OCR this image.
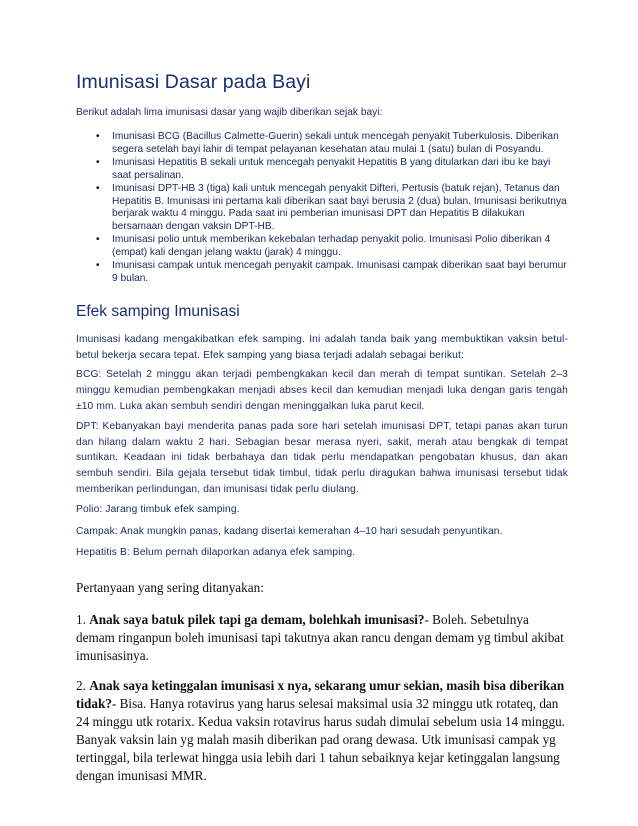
Imunisasi Dasar pada Bayi
Berikut adalah lima imunisasi dasar yang wajib diberikan sejak bayi:
• Imunisasi BCG (Bacillus Calmette-Guerin) sekali untuk mencegah penyakit Tuberkulosis. Diberikan segera setelah bayi lahir di tempat pelayanan kesehatan atau mulai 1 (satu) bulan di Posyandu.
• Imunisasi Hepatitis B sekali untuk mencegah penyakit Hepatitis B yang ditularkan dari ibu ke bayi saat persalinan.
• Imunisasi DPT-HB 3 (tiga) kali untuk mencegah penyakit Difteri, Pertusis (batuk rejan), Tetanus dan Hepatitis B. Imunisasi ini pertama kali diberikan saat bayi berusia 2 (dua) bulan. Imunisasi berikutnya berjarak waktu 4 minggu. Pada saat ini pemberian imunisasi DPT dan Hepatitis B dilakukan bersamaan dengan vaksin DPT-HB.
• Imunisasi polio untuk memberikan kekebalan terhadap penyakit polio. Imunisasi Polio diberikan 4 (empat) kali dengan jelang waktu (jarak) 4 minggu.
• Imunisasi campak untuk mencegah penyakit campak. Imunisasi campak diberikan saat bayi berumur 9 bulan.
Efek samping Imunisasi

Imunisasi kadang mengakibatkan efek samping. Ini adalah tanda baik yang membuktikan vaksin betul-betul bekerja secara tepat. Efek samping yang biasa terjadi adalah sebagai berikut:

BCG: Setelah 2 minggu akan terjadi pembengkakan kecil dan merah di tempat suntikan. Setelah 2–3 minggu kemudian pembengkakan menjadi abses kecil dan kemudian menjadi luka dengan garis tengah ±10 mm. Luka akan sembuh sendiri dengan meninggalkan luka parut kecil.

DPT: Kebanyakan bayi menderita panas pada sore hari setelah imunisasi DPT, tetapi panas akan turun dan hilang dalam waktu 2 hari. Sebagian besar merasa nyeri, sakit, merah atau bengkak di tempat suntikan. Keadaan ini tidak berbahaya dan tidak perlu mendapatkan pengobatan khusus, dan akan sembuh sendiri. Bila gejala tersebut tidak timbul, tidak perlu diragukan bahwa imunisasi tersebut tidak memberikan perlindungan, dan imunisasi tidak perlu diulang.

Polio: Jarang timbuk efek samping.

Campak: Anak mungkin panas, kadang disertai kemerahan 4–10 hari sesudah penyuntikan.

Hepatitis B: Belum pernah dilaporkan adanya efek samping.

Pertanyaan yang sering ditanyakan:

1. Anak saya batuk pilek tapi ga demam, bolehkah imunisasi?- Boleh. Sebetulnya demam ringanpun boleh imunisasi tapi takutnya akan rancu dengan demam yg timbul akibat imunisasinya.

2. Anak saya ketinggalan imunisasi x nya, sekarang umur sekian, masih bisa diberikan tidak?- Bisa. Hanya rotavirus yang harus selesai maksimal usia 32 minggu utk rotateq, dan 24 minggu utk rotarix. Kedua vaksin rotavirus harus sudah dimulai sebelum usia 14 minggu. Banyak vaksin lain yg malah masih diberikan pad orang dewasa. Utk imunisasi campak yg tertinggal, bila terlewat hingga usia lebih dari 1 tahun sebaiknya kejar ketinggalan langsung dengan imunisasi MMR.
